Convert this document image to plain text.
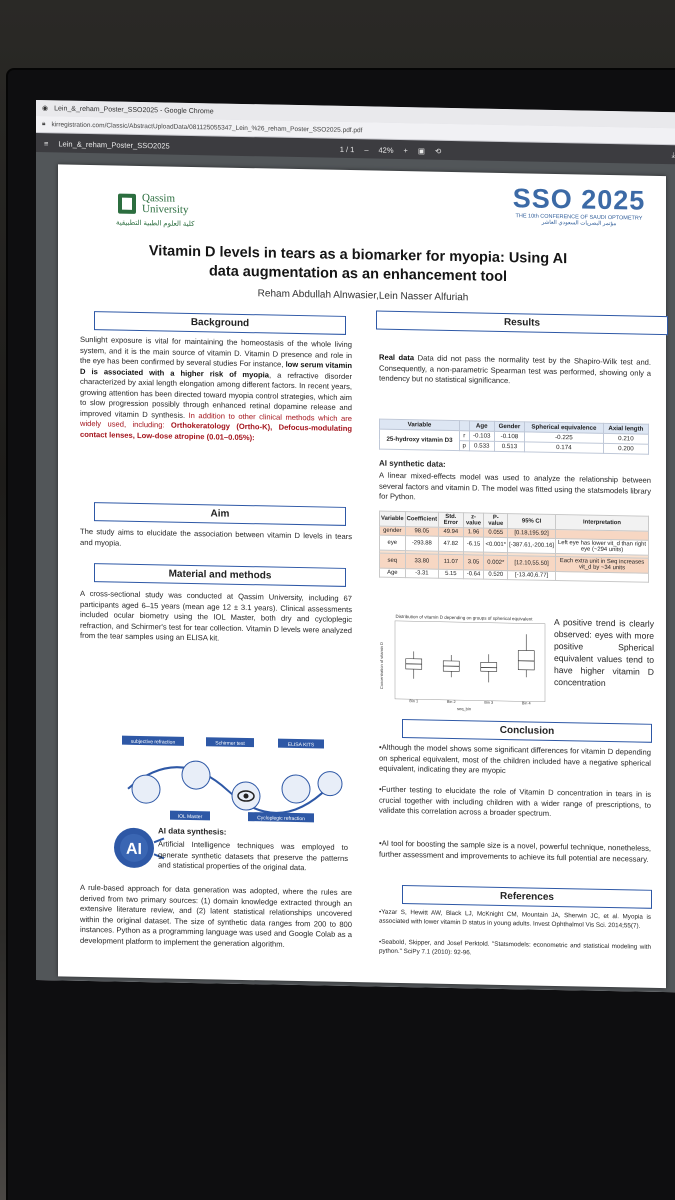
◉ Lein_&_reham_Poster_SSO2025 - Google Chrome
🔒︎ kirregistration.com/Classic/AbstractUploadData/081125055347_Lein_%26_reham_Poster_SSO2025.pdf.pdf
≡ Lein_&_reham_Poster_SSO2025	1 / 1 – 42% + ▣ ⟲	⤓
Qassim
University
كلية العلوم الطبية التطبيقية
SSO 2025
THE 10th CONFERENCE OF SAUDI OPTOMETRY
مؤتمر البصريات السعودي العاشر
Vitamin D levels in tears as a biomarker for myopia: Using AI data augmentation as an enhancement tool
Reham Abdullah Alnwasier,Lein Nasser Alfuriah
Background
Sunlight exposure is vital for maintaining the homeostasis of the whole living system, and it is the main source of vitamin D. Vitamin D presence and role in the eye has been confirmed by several studies For instance, low serum vitamin D is associated with a higher risk of myopia, a refractive disorder characterized by axial length elongation among different factors. In recent years, growing attention has been directed toward myopia control strategies, which aim to slow progression possibly through enhanced retinal dopamine release and improved vitamin D synthesis. In addition to other clinical methods which are widely used, including: Orthokeratology (Ortho-K), Defocus-modulating contact lenses, Low-dose atropine (0.01–0.05%):
Aim
The study aims to elucidate the association between vitamin D levels in tears and myopia.
Material and methods
A cross-sectional study was conducted at Qassim University, including 67 participants aged 6–15 years (mean age 12 ± 3.1 years). Clinical assessments included ocular biometry using the IOL Master, both dry and cycloplegic refraction, and Schirmer's test for tear collection. Vitamin D levels were analyzed from the tear samples using an ELISA kit.
subjective refraction	Schirmer test	ELISA KITS
IOL Master	Cycloplegic refraction
AI
AI data synthesis:
Artificial Intelligence techniques was employed to generate synthetic datasets that preserve the patterns and statistical properties of the original data.
A rule-based approach for data generation was adopted, where the rules are derived from two primary sources: (1) domain knowledge extracted through an extensive literature review, and (2) latent statistical relationships uncovered within the original dataset. The size of synthetic data ranges from 200 to 800 instances. Python as a programming language was used and Google Colab as a development platform to implement the generation algorithm.
Results
Real data Data did not pass the normality test by the Shapiro-Wilk test and. Consequently, a non-parametric Spearman test was performed, showing only a tendency but no statistical significance.
Variable		Age	Gender	Spherical equivalence	Axial length
25-hydroxy vitamin D3	r	-0.103	-0.108	-0.225	0.210
	p	0.533	0.513	0.174	0.200
AI synthetic data:
A linear mixed-effects model was used to analyze the relationship between several factors and vitamin D. The model was fitted using the statsmodels library for Python.
Variable	Coefficient	Std. Error	z-value	P-value	95% CI	Interpretation
gender	98.05	49.94	1.96	0.055	[0.18,195.92]	
eye	-293.88	47.82	-6.15	<0.001*	[-387.61,-200.16]	Left eye has lower vit_d than right eye (~294 units)

seq	33.80	11.07	3.05	0.002*	[12.10,55.50]	Each extra unit in Seq increases vit_d by ~34 units
Age	-3.31	5.15	-0.64	0.520	[-13.40,6.77]	
Distribution of vitamin D depending on groups of spherical equivalent
Concentration of vitamin D
seq_bin
Bin 1	Bin 2	Bin 3	Bin 4
A positive trend is clearly observed: eyes with more positive Spherical equivalent values tend to have higher vitamin D concentration
Conclusion
•Although the model shows some significant differences for vitamin D depending on spherical equivalent, most of the children included have a negative spherical equivalent, indicating they are myopic
•Further testing to elucidate the role of Vitamin D concentration in tears in is crucial together with including children with a wider range of prescriptions, to validate this correlation across a broader spectrum.
•AI tool for boosting the sample size is a novel, powerful technique, nonetheless, further assessment and improvements to achieve its full potential are necessary.
References
•Yazar S, Hewitt AW, Black LJ, McKnight CM, Mountain JA, Sherwin JC, et al. Myopia is associated with lower vitamin D status in young adults. Invest Ophthalmol Vis Sci. 2014;55(7).
•Seabold, Skipper, and Josef Perktold. "Statsmodels: econometric and statistical modeling with python." SciPy 7.1 (2010): 92-96.
